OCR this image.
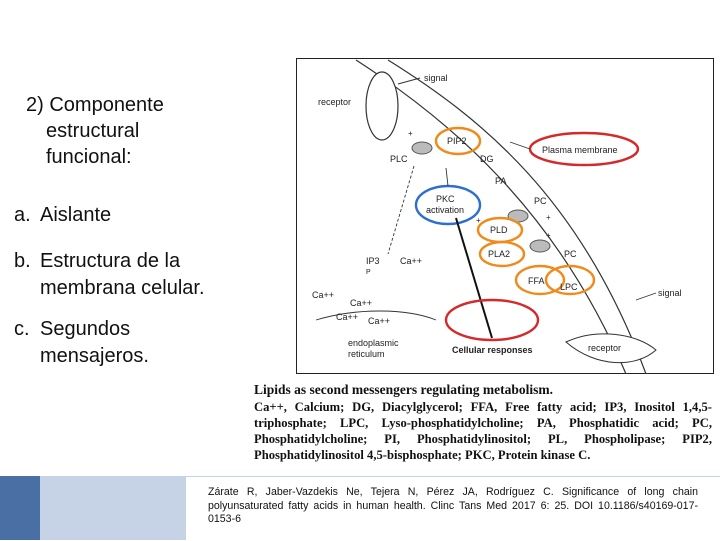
2) Componente
estructural
funcional:
a. Aislante
b. Estructura de la
membrana celular.
c. Segundos
mensajeros.
receptor
signal
PLC
+
PIP2
DG
PA
Plasma membrane
PKC
activation
PC
PLD
+	+
+
PLA2	PC
FFA
LPC
signal
IP3 Ca++
P
Ca++
Ca++
Ca++ Ca++
endoplasmic
reticulum	Cellular responses	receptor
Lipids as second messengers regulating metabolism.
Ca++, Calcium; DG, Diacylglycerol; FFA, Free fatty acid; IP3, Inositol 1,4,5-triphosphate; LPC, Lyso-phosphatidylcholine; PA, Phosphatidic acid; PC, Phosphatidylcholine; PI, Phosphatidylinositol; PL, Phospholipase; PIP2, Phosphatidylinositol 4,5-bisphosphate; PKC, Protein kinase C.
Zárate R, Jaber-Vazdekis Ne, Tejera N, Pérez JA, Rodríguez C. Significance of long chain polyunsaturated fatty acids in human health. Clinc Tans Med 2017 6: 25. DOI 10.1186/s40169-017-0153-6
